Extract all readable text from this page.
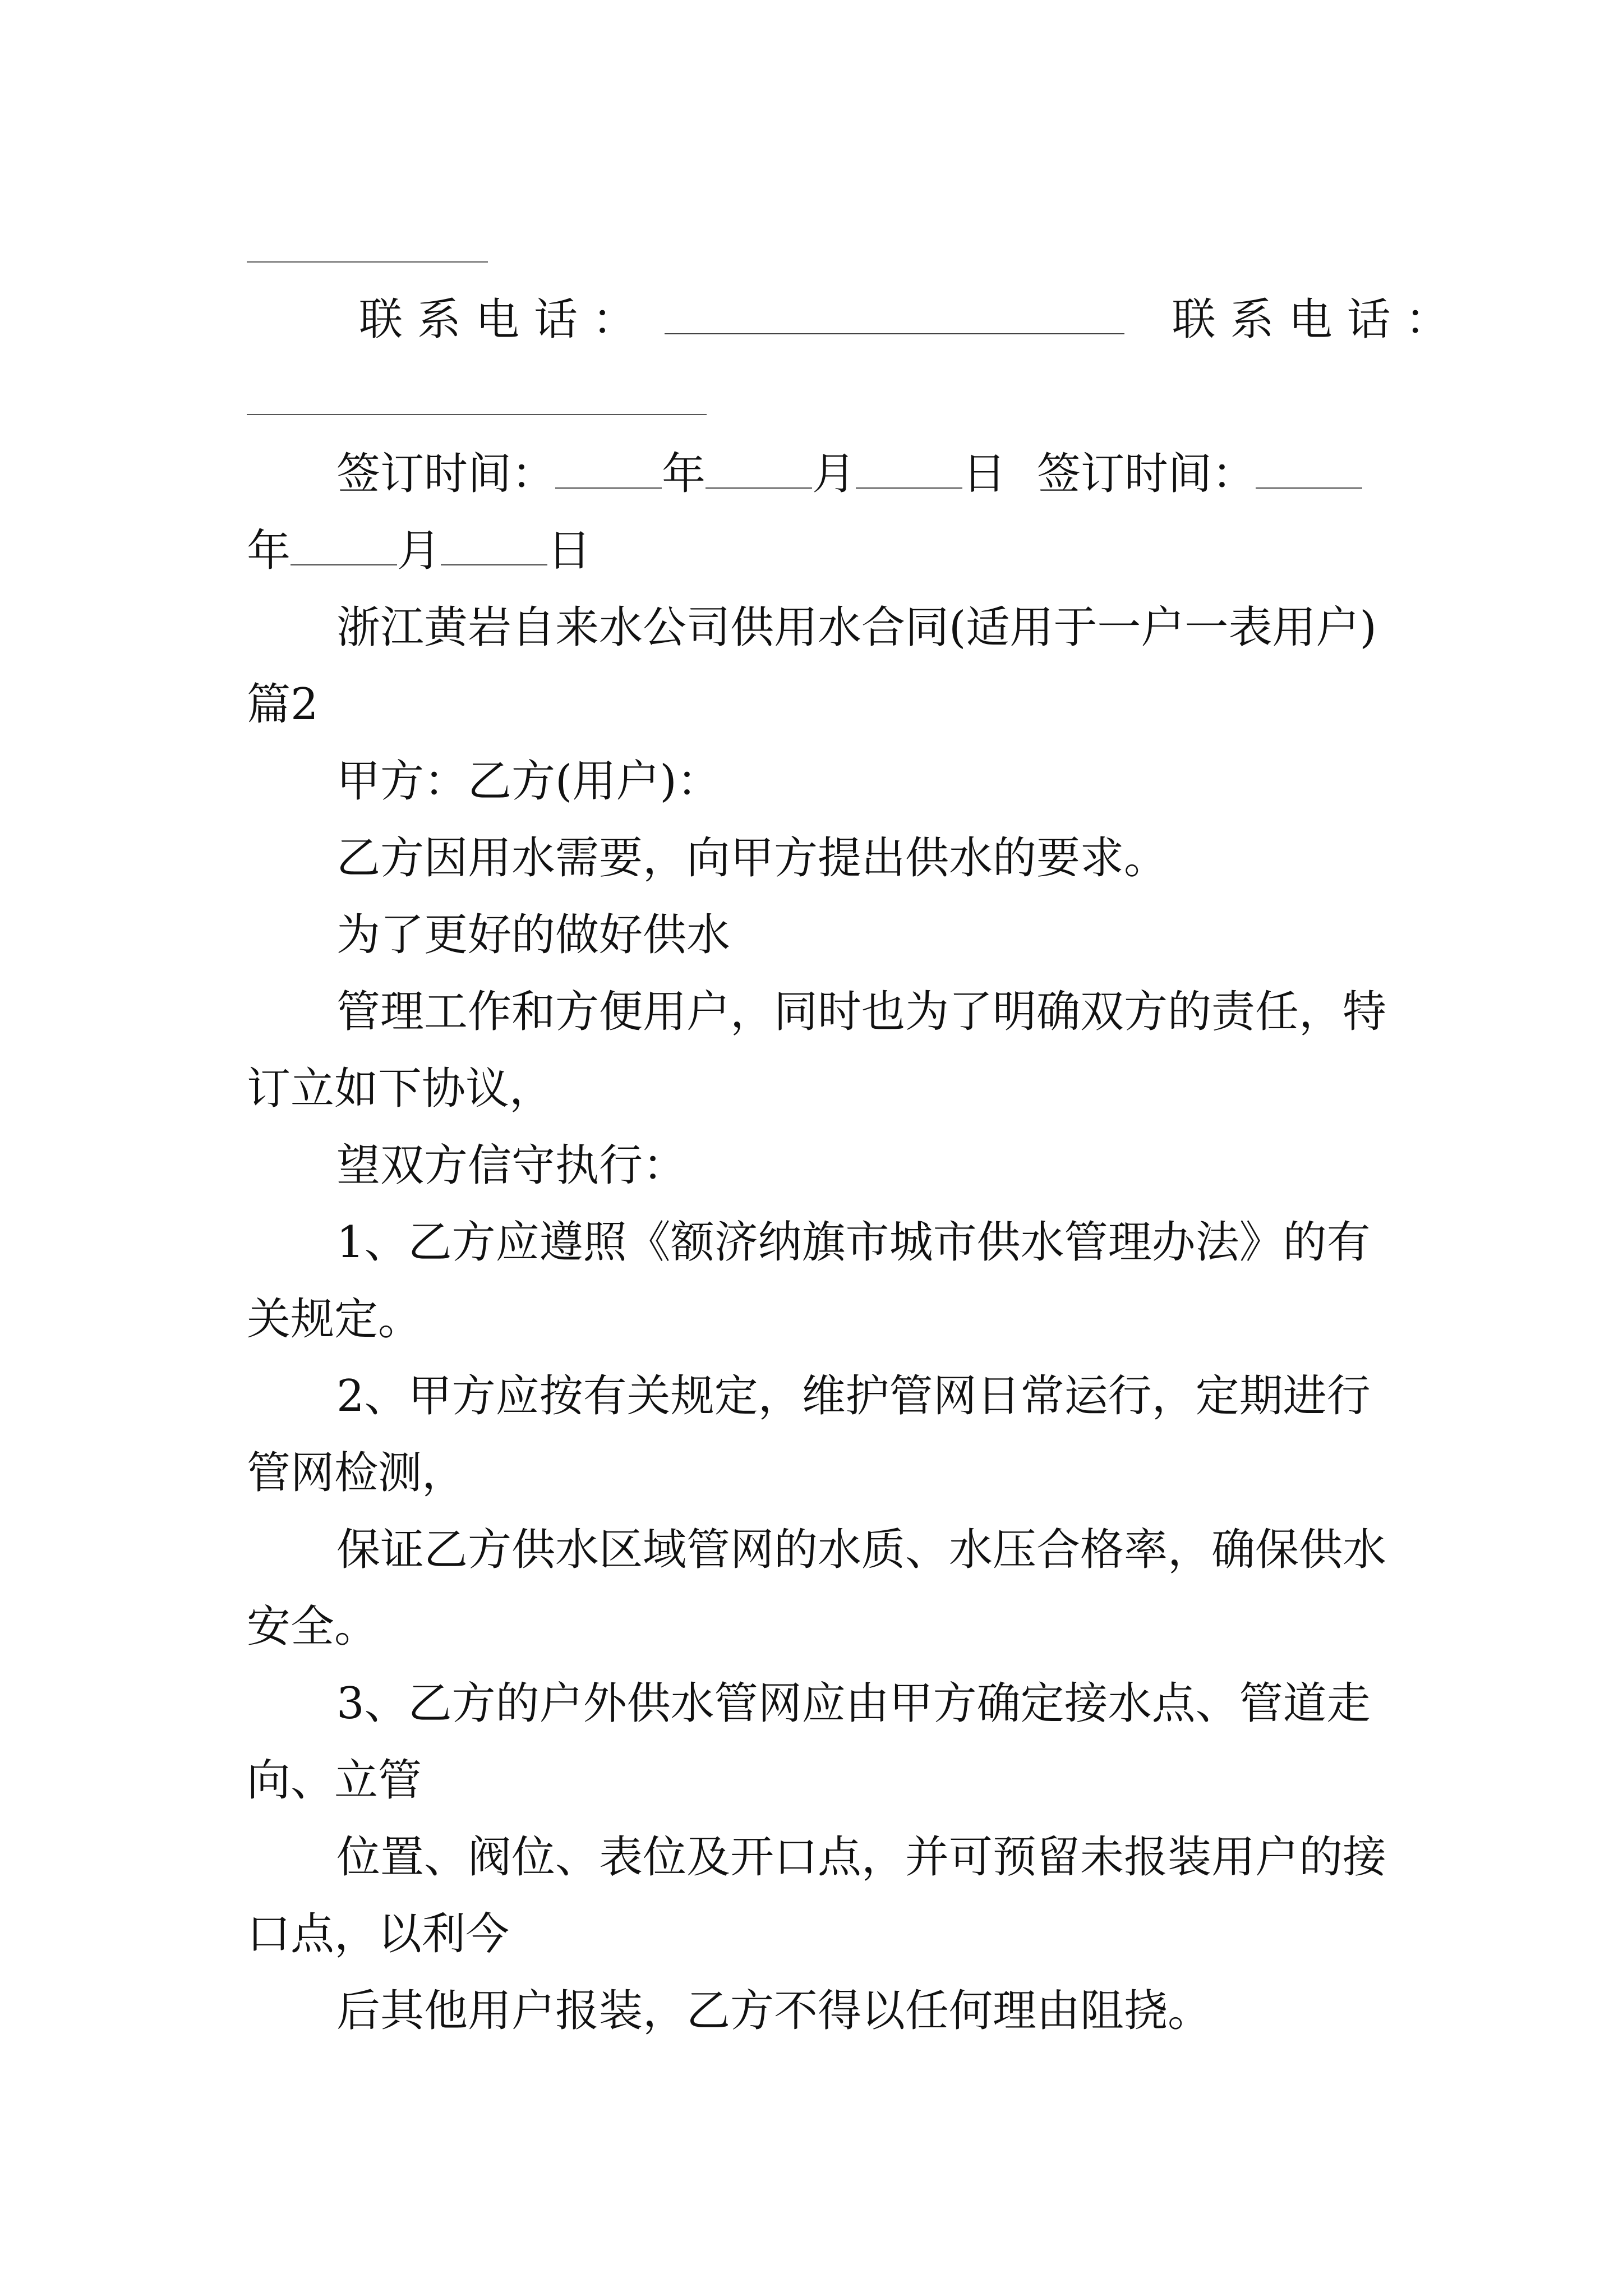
联系电话：	联系电话：
签订时间： 年 月 日 签订时间：
年 月 日
浙江黄岩自来水公司供用水合同(适用于一户一表用户)
篇2
甲方：乙方(用户)：
乙方因用水需要，向甲方提出供水的要求。
为了更好的做好供水
管理工作和方便用户，同时也为了明确双方的责任，特
订立如下协议，
望双方信守执行：
1、乙方应遵照《额济纳旗市城市供水管理办法》的有
关规定。
2、甲方应按有关规定，维护管网日常运行，定期进行
管网检测，
保证乙方供水区域管网的水质、水压合格率，确保供水
安全。
3、乙方的户外供水管网应由甲方确定接水点、管道走
向、立管
位置、阀位、表位及开口点，并可预留未报装用户的接
口点，以利今
后其他用户报装，乙方不得以任何理由阻挠。
